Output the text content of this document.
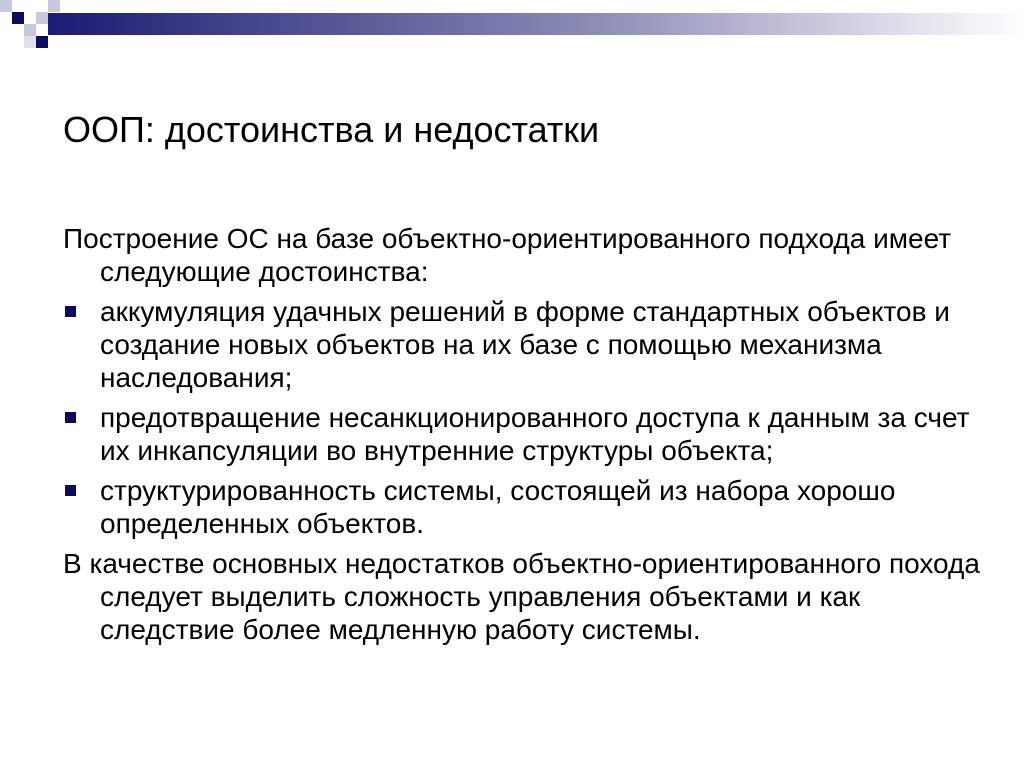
ООП: достоинства и недостатки

Построение ОС на базе объектно-ориентированного подхода имеет следующие достоинства:

аккумуляция удачных решений в форме стандартных объектов и создание новых объектов на их базе с помощью механизма наследования;
предотвращение несанкционированного доступа к данным за счет их инкапсуляции во внутренние структуры объекта;
структурированность системы, состоящей из набора хорошо определенных объектов.

В качестве основных недостатков объектно-ориентированного похода следует выделить сложность управления объектами и как следствие более медленную работу системы.
